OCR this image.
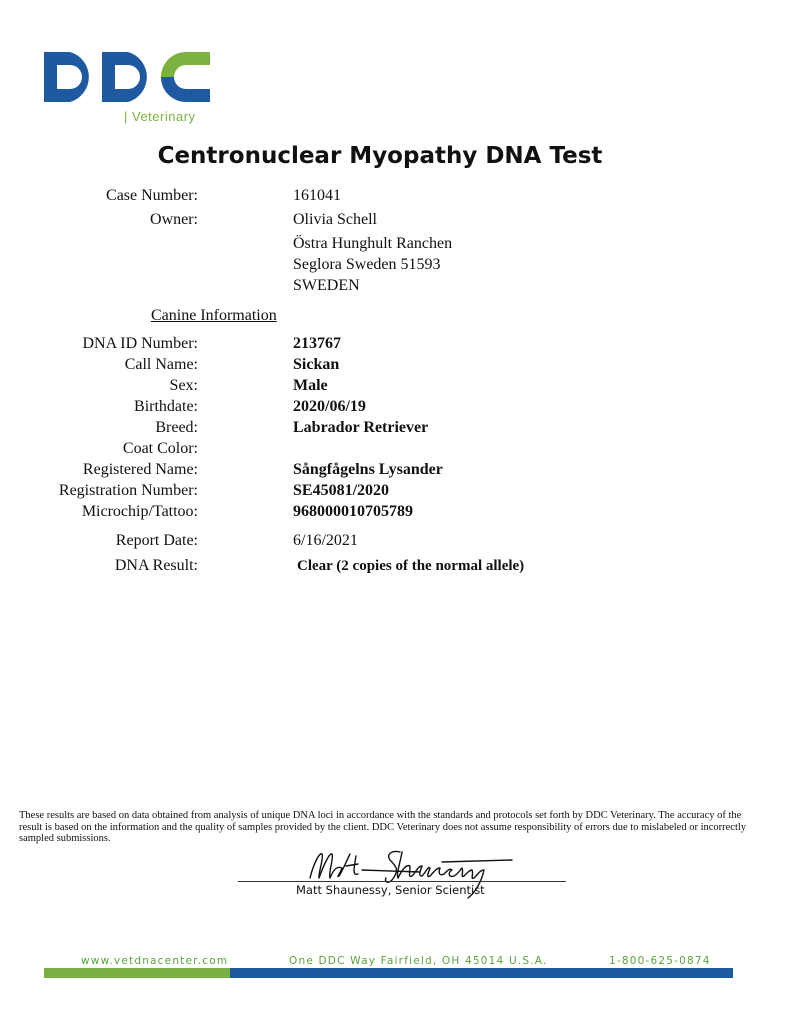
| Veterinary
Centronuclear Myopathy DNA Test
Case Number:	161041
Owner:	Olivia Schell
Östra Hunghult Ranchen
Seglora Sweden 51593
SWEDEN
Canine Information
DNA ID Number:	213767
Call Name:	Sickan
Sex:	Male
Birthdate:	2020/06/19
Breed:	Labrador Retriever
Coat Color:
Registered Name:	Sångfågelns Lysander
Registration Number:	SE45081/2020
Microchip/Tattoo:	968000010705789
Report Date:	6/16/2021
DNA Result:	Clear (2 copies of the normal allele)
These results are based on data obtained from analysis of unique DNA loci in accordance with the standards and protocols set forth by DDC Veterinary. The accuracy of the result is based on the information and the quality of samples provided by the client. DDC Veterinary does not assume responsibility of errors due to mislabeled or incorrectly sampled submissions.
Matt Shaunessy, Senior Scientist
www.vetdnacenter.com	One DDC Way Fairfield, OH 45014 U.S.A.	1-800-625-0874
